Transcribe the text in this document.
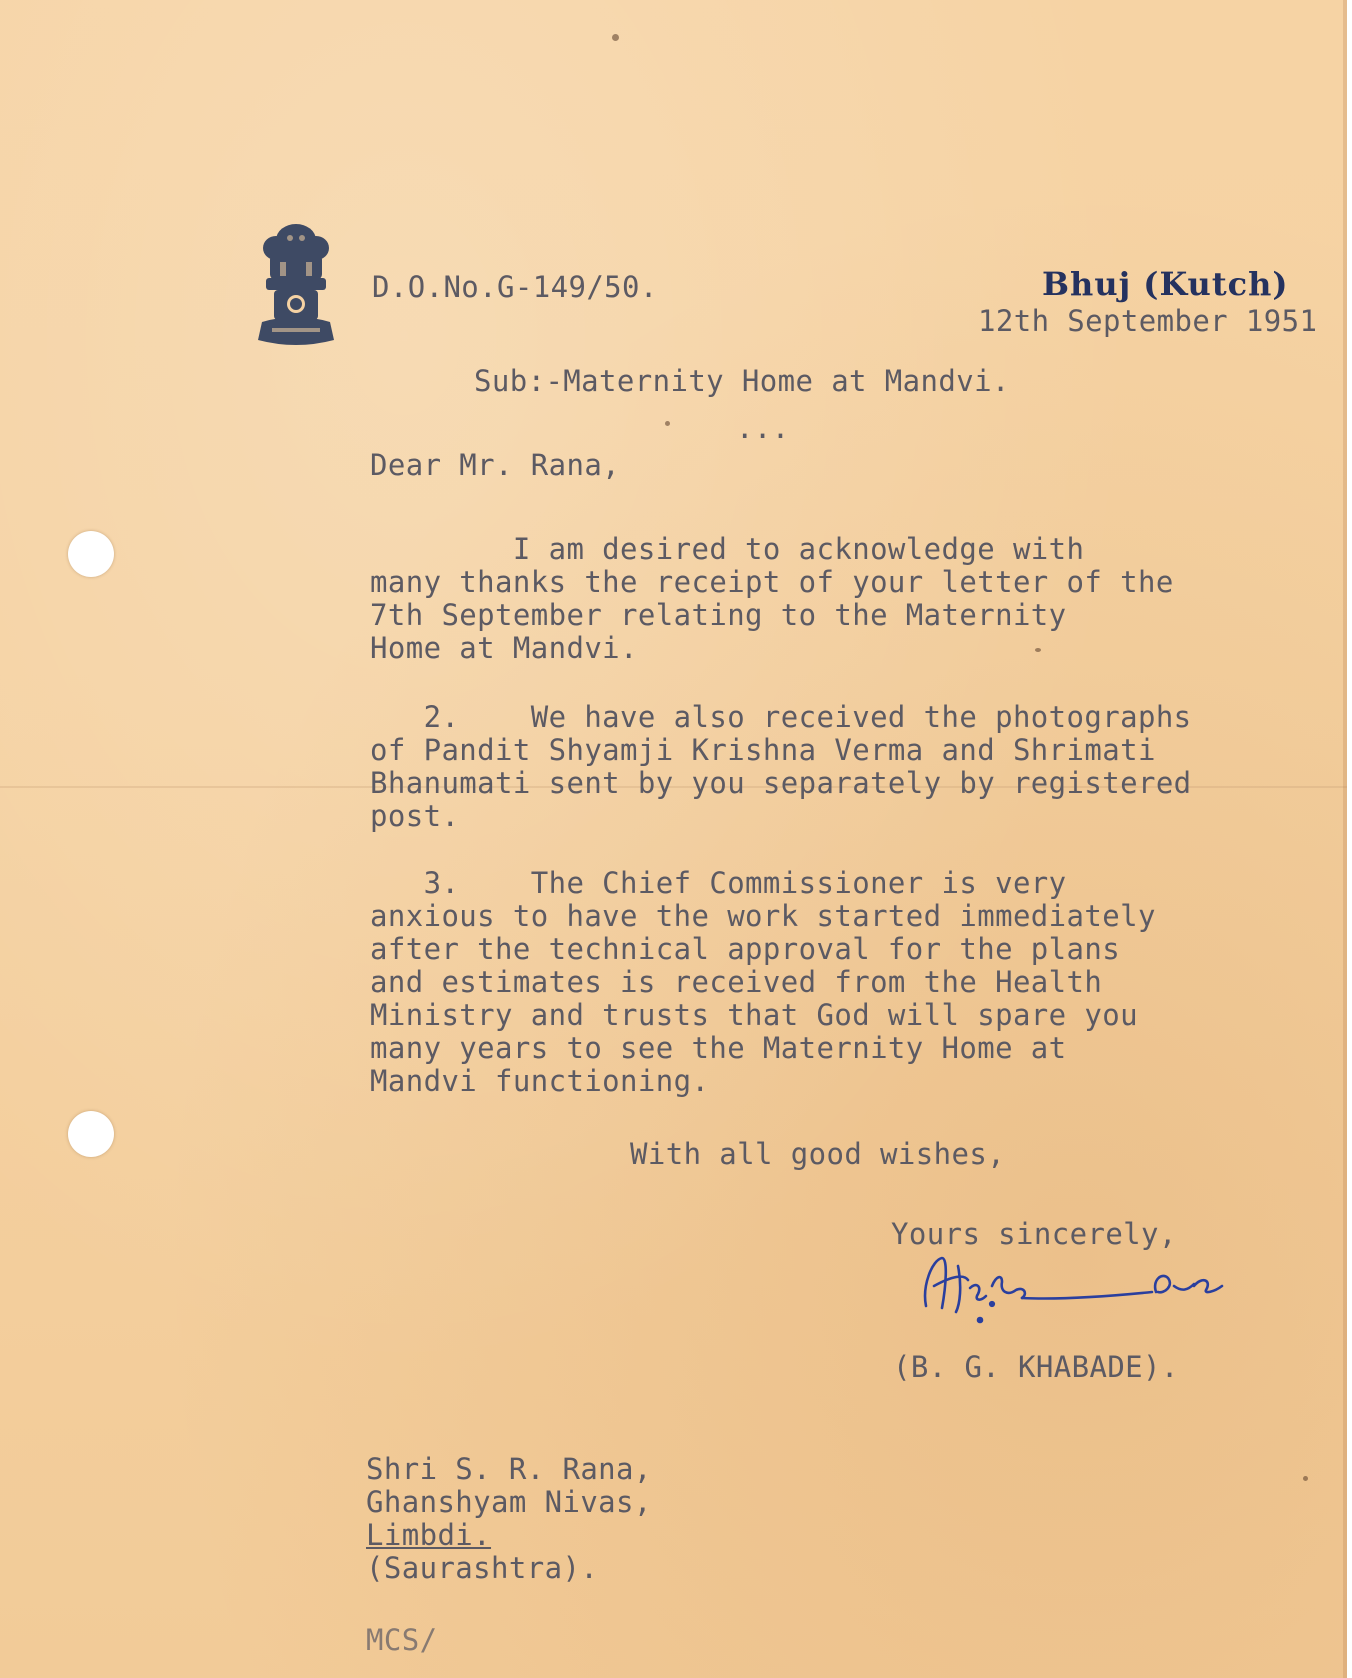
D.O.No.G-149/50.	Bhuj (Kutch)
12th September 1951
Sub:-Maternity Home at Mandvi.
...
Dear Mr. Rana,
I am desired to acknowledge with
many thanks the receipt of your letter of the
7th September relating to the Maternity
Home at Mandvi.
2.    We have also received the photographs
of Pandit Shyamji Krishna Verma and Shrimati
Bhanumati sent by you separately by registered
post.
3.    The Chief Commissioner is very
anxious to have the work started immediately
after the technical approval for the plans
and estimates is received from the Health
Ministry and trusts that God will spare you
many years to see the Maternity Home at
Mandvi functioning.
With all good wishes,
Yours sincerely,
(B. G. KHABADE).
Shri S. R. Rana,
Ghanshyam Nivas,
Limbdi.
(Saurashtra).
MCS/
